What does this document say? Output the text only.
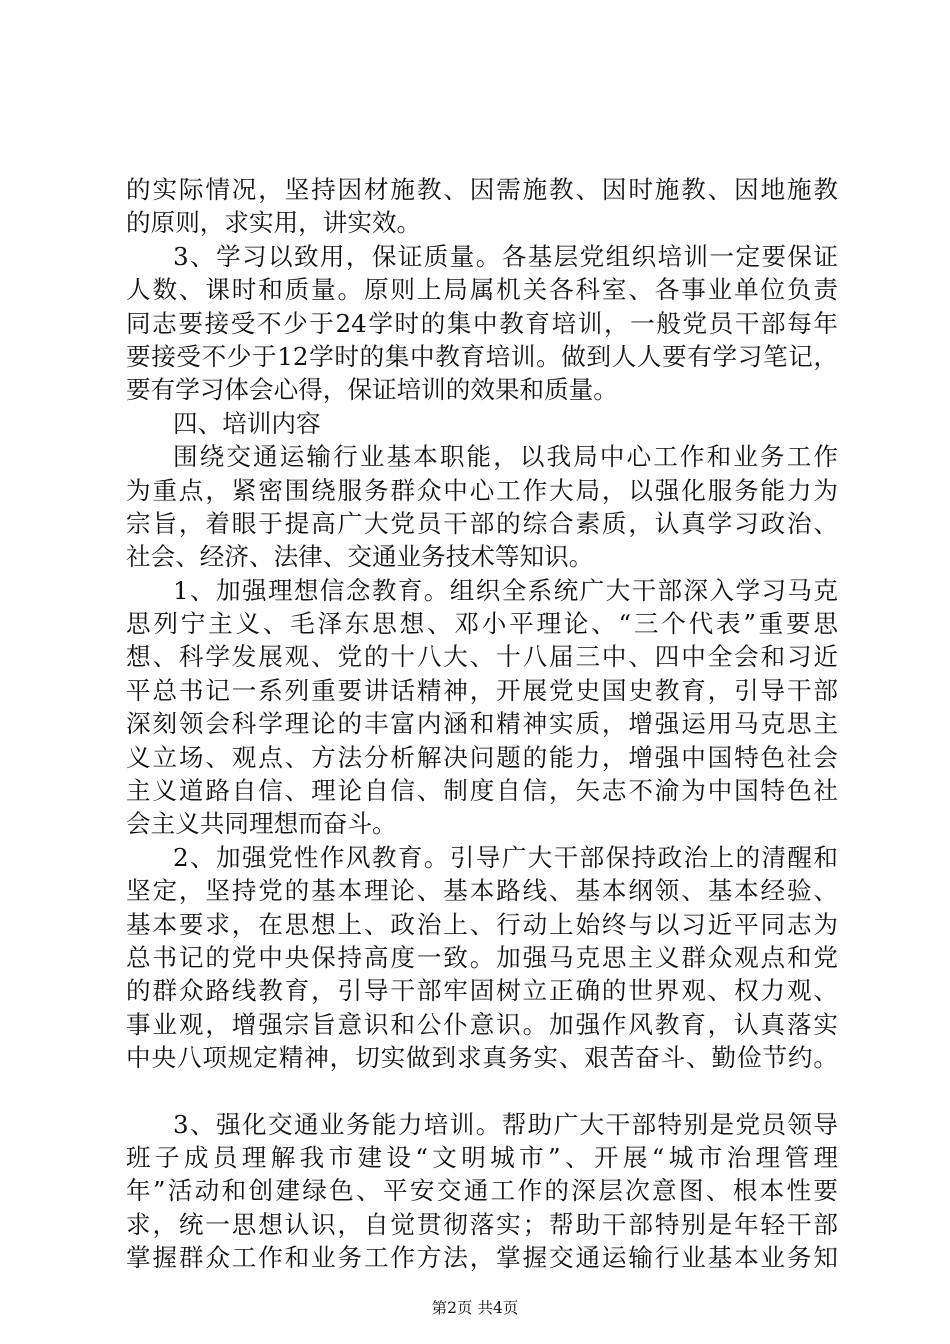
的实际情况，坚持因材施教、因需施教、因时施教、因地施教
的原则，求实用，讲实效。
3、学习以致用，保证质量。各基层党组织培训一定要保证
人数、课时和质量。原则上局属机关各科室、各事业单位负责
同志要接受不少于24学时的集中教育培训，一般党员干部每年
要接受不少于12学时的集中教育培训。做到人人要有学习笔记，
要有学习体会心得，保证培训的效果和质量。
四、培训内容
围绕交通运输行业基本职能，以我局中心工作和业务工作
为重点，紧密围绕服务群众中心工作大局，以强化服务能力为
宗旨，着眼于提高广大党员干部的综合素质，认真学习政治、
社会、经济、法律、交通业务技术等知识。
1、加强理想信念教育。组织全系统广大干部深入学习马克
思列宁主义、毛泽东思想、邓小平理论、“三个代表”重要思
想、科学发展观、党的十八大、十八届三中、四中全会和习近
平总书记一系列重要讲话精神，开展党史国史教育，引导干部
深刻领会科学理论的丰富内涵和精神实质，增强运用马克思主
义立场、观点、方法分析解决问题的能力，增强中国特色社会
主义道路自信、理论自信、制度自信，矢志不渝为中国特色社
会主义共同理想而奋斗。
2、加强党性作风教育。引导广大干部保持政治上的清醒和
坚定，坚持党的基本理论、基本路线、基本纲领、基本经验、
基本要求，在思想上、政治上、行动上始终与以习近平同志为
总书记的党中央保持高度一致。加强马克思主义群众观点和党
的群众路线教育，引导干部牢固树立正确的世界观、权力观、
事业观，增强宗旨意识和公仆意识。加强作风教育，认真落实
中央八项规定精神，切实做到求真务实、艰苦奋斗、勤俭节约。
3、强化交通业务能力培训。帮助广大干部特别是党员领导
班子成员理解我市建设“文明城市”、开展“城市治理管理
年”活动和创建绿色、平安交通工作的深层次意图、根本性要
求，统一思想认识，自觉贯彻落实；帮助干部特别是年轻干部
掌握群众工作和业务工作方法，掌握交通运输行业基本业务知
第2页 共4页
